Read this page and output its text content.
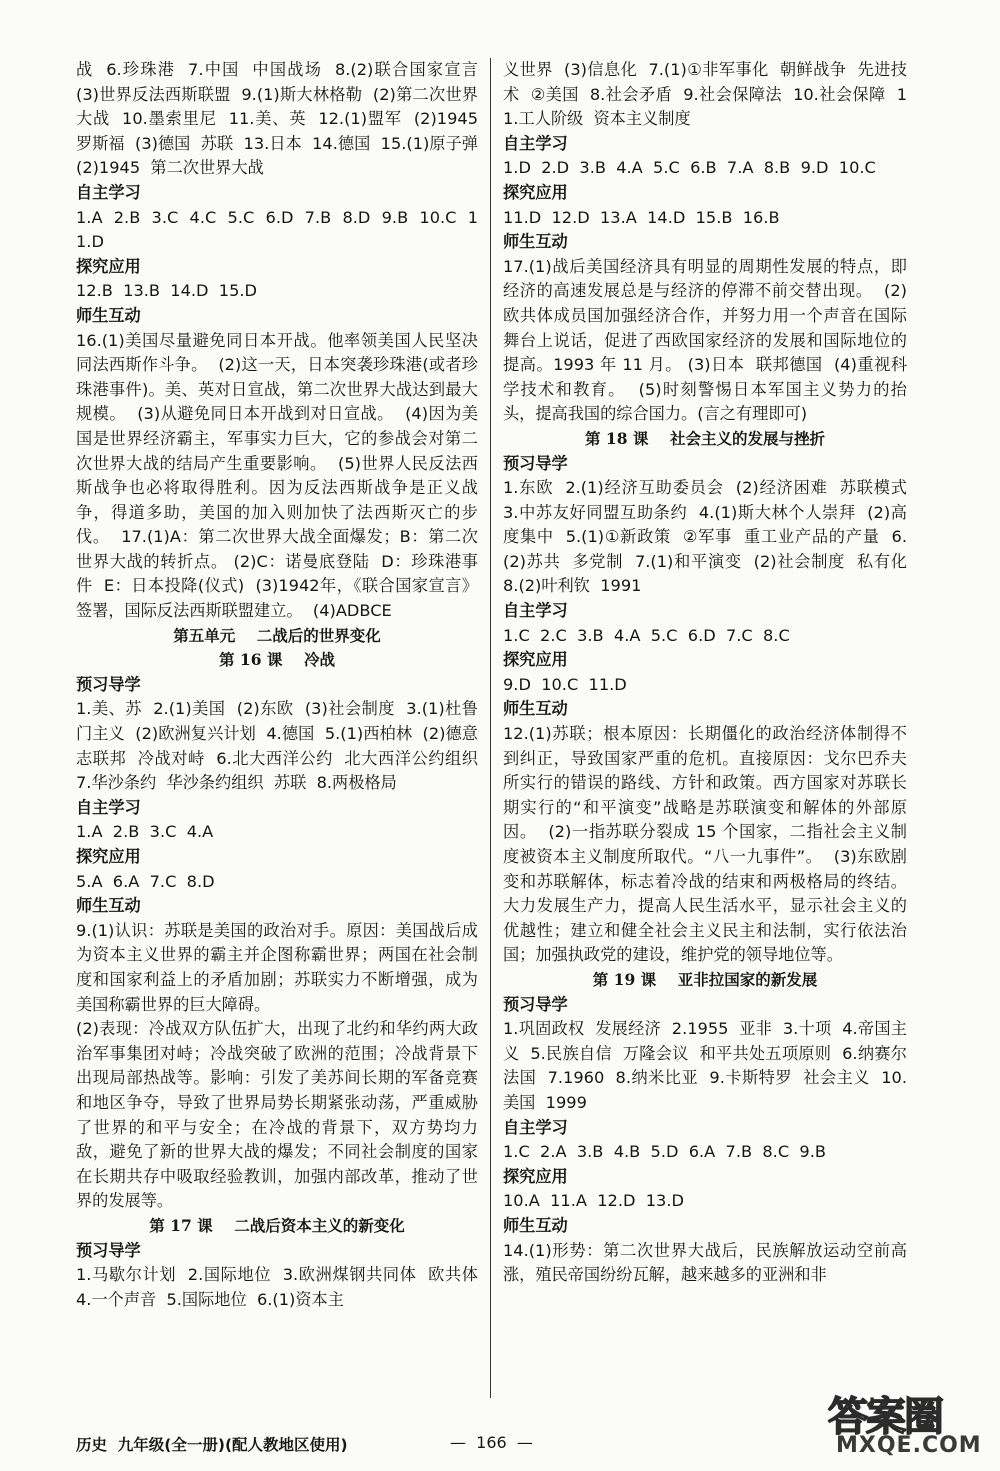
战  6.珍珠港  7.中国  中国战场  8.(2)联合国家宣言  (3)世界反法西斯联盟  9.(1)斯大林格勒  (2)第二次世界大战  10.墨索里尼  11.美、英  12.(1)盟军  (2)1945  罗斯福  (3)德国  苏联  13.日本  14.德国  15.(1)原子弹  (2)1945  第二次世界大战
自主学习
1.A  2.B  3.C  4.C  5.C  6.D  7.B  8.D  9.B  10.C  11.D
探究应用
12.B  13.B  14.D  15.D
师生互动
16.(1)美国尽量避免同日本开战。他率领美国人民坚决同法西斯作斗争。  (2)这一天，日本突袭珍珠港(或者珍珠港事件)。美、英对日宣战，第二次世界大战达到最大规模。  (3)从避免同日本开战到对日宣战。  (4)因为美国是世界经济霸主，军事实力巨大，它的参战会对第二次世界大战的结局产生重要影响。  (5)世界人民反法西斯战争也必将取得胜利。因为反法西斯战争是正义战争，得道多助，美国的加入则加快了法西斯灭亡的步伐。  17.(1)A：第二次世界大战全面爆发；B：第二次世界大战的转折点。 (2)C：诺曼底登陆  D：珍珠港事件  E：日本投降(仪式)  (3)1942年，《联合国家宣言》签署，国际反法西斯联盟建立。  (4)ADBCE
第五单元    二战后的世界变化
第 16 课    冷战
预习导学
1.美、苏  2.(1)美国  (2)东欧  (3)社会制度  3.(1)杜鲁门主义  (2)欧洲复兴计划  4.德国  5.(1)西柏林  (2)德意志联邦  冷战对峙  6.北大西洋公约  北大西洋公约组织  7.华沙条约  华沙条约组织  苏联  8.两极格局
自主学习
1.A  2.B  3.C  4.A
探究应用
5.A  6.A  7.C  8.D
师生互动
9.(1)认识：苏联是美国的政治对手。原因：美国战后成为资本主义世界的霸主并企图称霸世界；两国在社会制度和国家利益上的矛盾加剧；苏联实力不断增强，成为美国称霸世界的巨大障碍。
(2)表现：冷战双方队伍扩大，出现了北约和华约两大政治军事集团对峙；冷战突破了欧洲的范围；冷战背景下出现局部热战等。影响：引发了美苏间长期的军备竞赛和地区争夺，导致了世界局势长期紧张动荡，严重威胁了世界的和平与安全；在冷战的背景下，双方势均力敌，避免了新的世界大战的爆发；不同社会制度的国家在长期共存中吸取经验教训，加强内部改革，推动了世界的发展等。
第 17 课    二战后资本主义的新变化
预习导学
1.马歇尔计划  2.国际地位  3.欧洲煤钢共同体  欧共体  4.一个声音  5.国际地位  6.(1)资本主
义世界  (3)信息化  7.(1)①非军事化  朝鲜战争  先进技术  ②美国  8.社会矛盾  9.社会保障法  10.社会保障  11.工人阶级  资本主义制度
自主学习
1.D  2.D  3.B  4.A  5.C  6.B  7.A  8.B  9.D  10.C
探究应用
11.D  12.D  13.A  14.D  15.B  16.B
师生互动
17.(1)战后美国经济具有明显的周期性发展的特点，即经济的高速发展总是与经济的停滞不前交替出现。  (2)欧共体成员国加强经济合作，并努力用一个声音在国际舞台上说话，促进了西欧国家经济的发展和国际地位的提高。1993 年 11 月。 (3)日本  联邦德国  (4)重视科学技术和教育。  (5)时刻警惕日本军国主义势力的抬头，提高我国的综合国力。(言之有理即可)
第 18 课    社会主义的发展与挫折
预习导学
1.东欧  2.(1)经济互助委员会  (2)经济困难  苏联模式  3.中苏友好同盟互助条约  4.(1)斯大林个人崇拜  (2)高度集中  5.(1)①新政策  ②军事  重工业产品的产量  6.(2)苏共  多党制  7.(1)和平演变  (2)社会制度  私有化  8.(2)叶利钦  1991
自主学习
1.C  2.C  3.B  4.A  5.C  6.D  7.C  8.C
探究应用
9.D  10.C  11.D
师生互动
12.(1)苏联；根本原因：长期僵化的政治经济体制得不到纠正，导致国家严重的危机。直接原因：戈尔巴乔夫所实行的错误的路线、方针和政策。西方国家对苏联长期实行的“和平演变”战略是苏联演变和解体的外部原因。  (2)一指苏联分裂成 15 个国家，二指社会主义制度被资本主义制度所取代。“八一九事件”。  (3)东欧剧变和苏联解体，标志着冷战的结束和两极格局的终结。  大力发展生产力，提高人民生活水平，显示社会主义的优越性；建立和健全社会主义民主和法制，实行依法治国；加强执政党的建设，维护党的领导地位等。
第 19 课    亚非拉国家的新发展
预习导学
1.巩固政权  发展经济  2.1955  亚非  3.十项  4.帝国主义  5.民族自信  万隆会议  和平共处五项原则  6.纳赛尔  法国  7.1960  8.纳米比亚  9.卡斯特罗  社会主义  10.美国  1999
自主学习
1.C  2.A  3.B  4.B  5.D  6.A  7.B  8.C  9.B
探究应用
10.A  11.A  12.D  13.D
师生互动
14.(1)形势：第二次世界大战后，民族解放运动空前高涨，殖民帝国纷纷瓦解，越来越多的亚洲和非
历史  九年级(全一册)(配人教地区使用)	—  166  —
答案圈
MXQE.COM
